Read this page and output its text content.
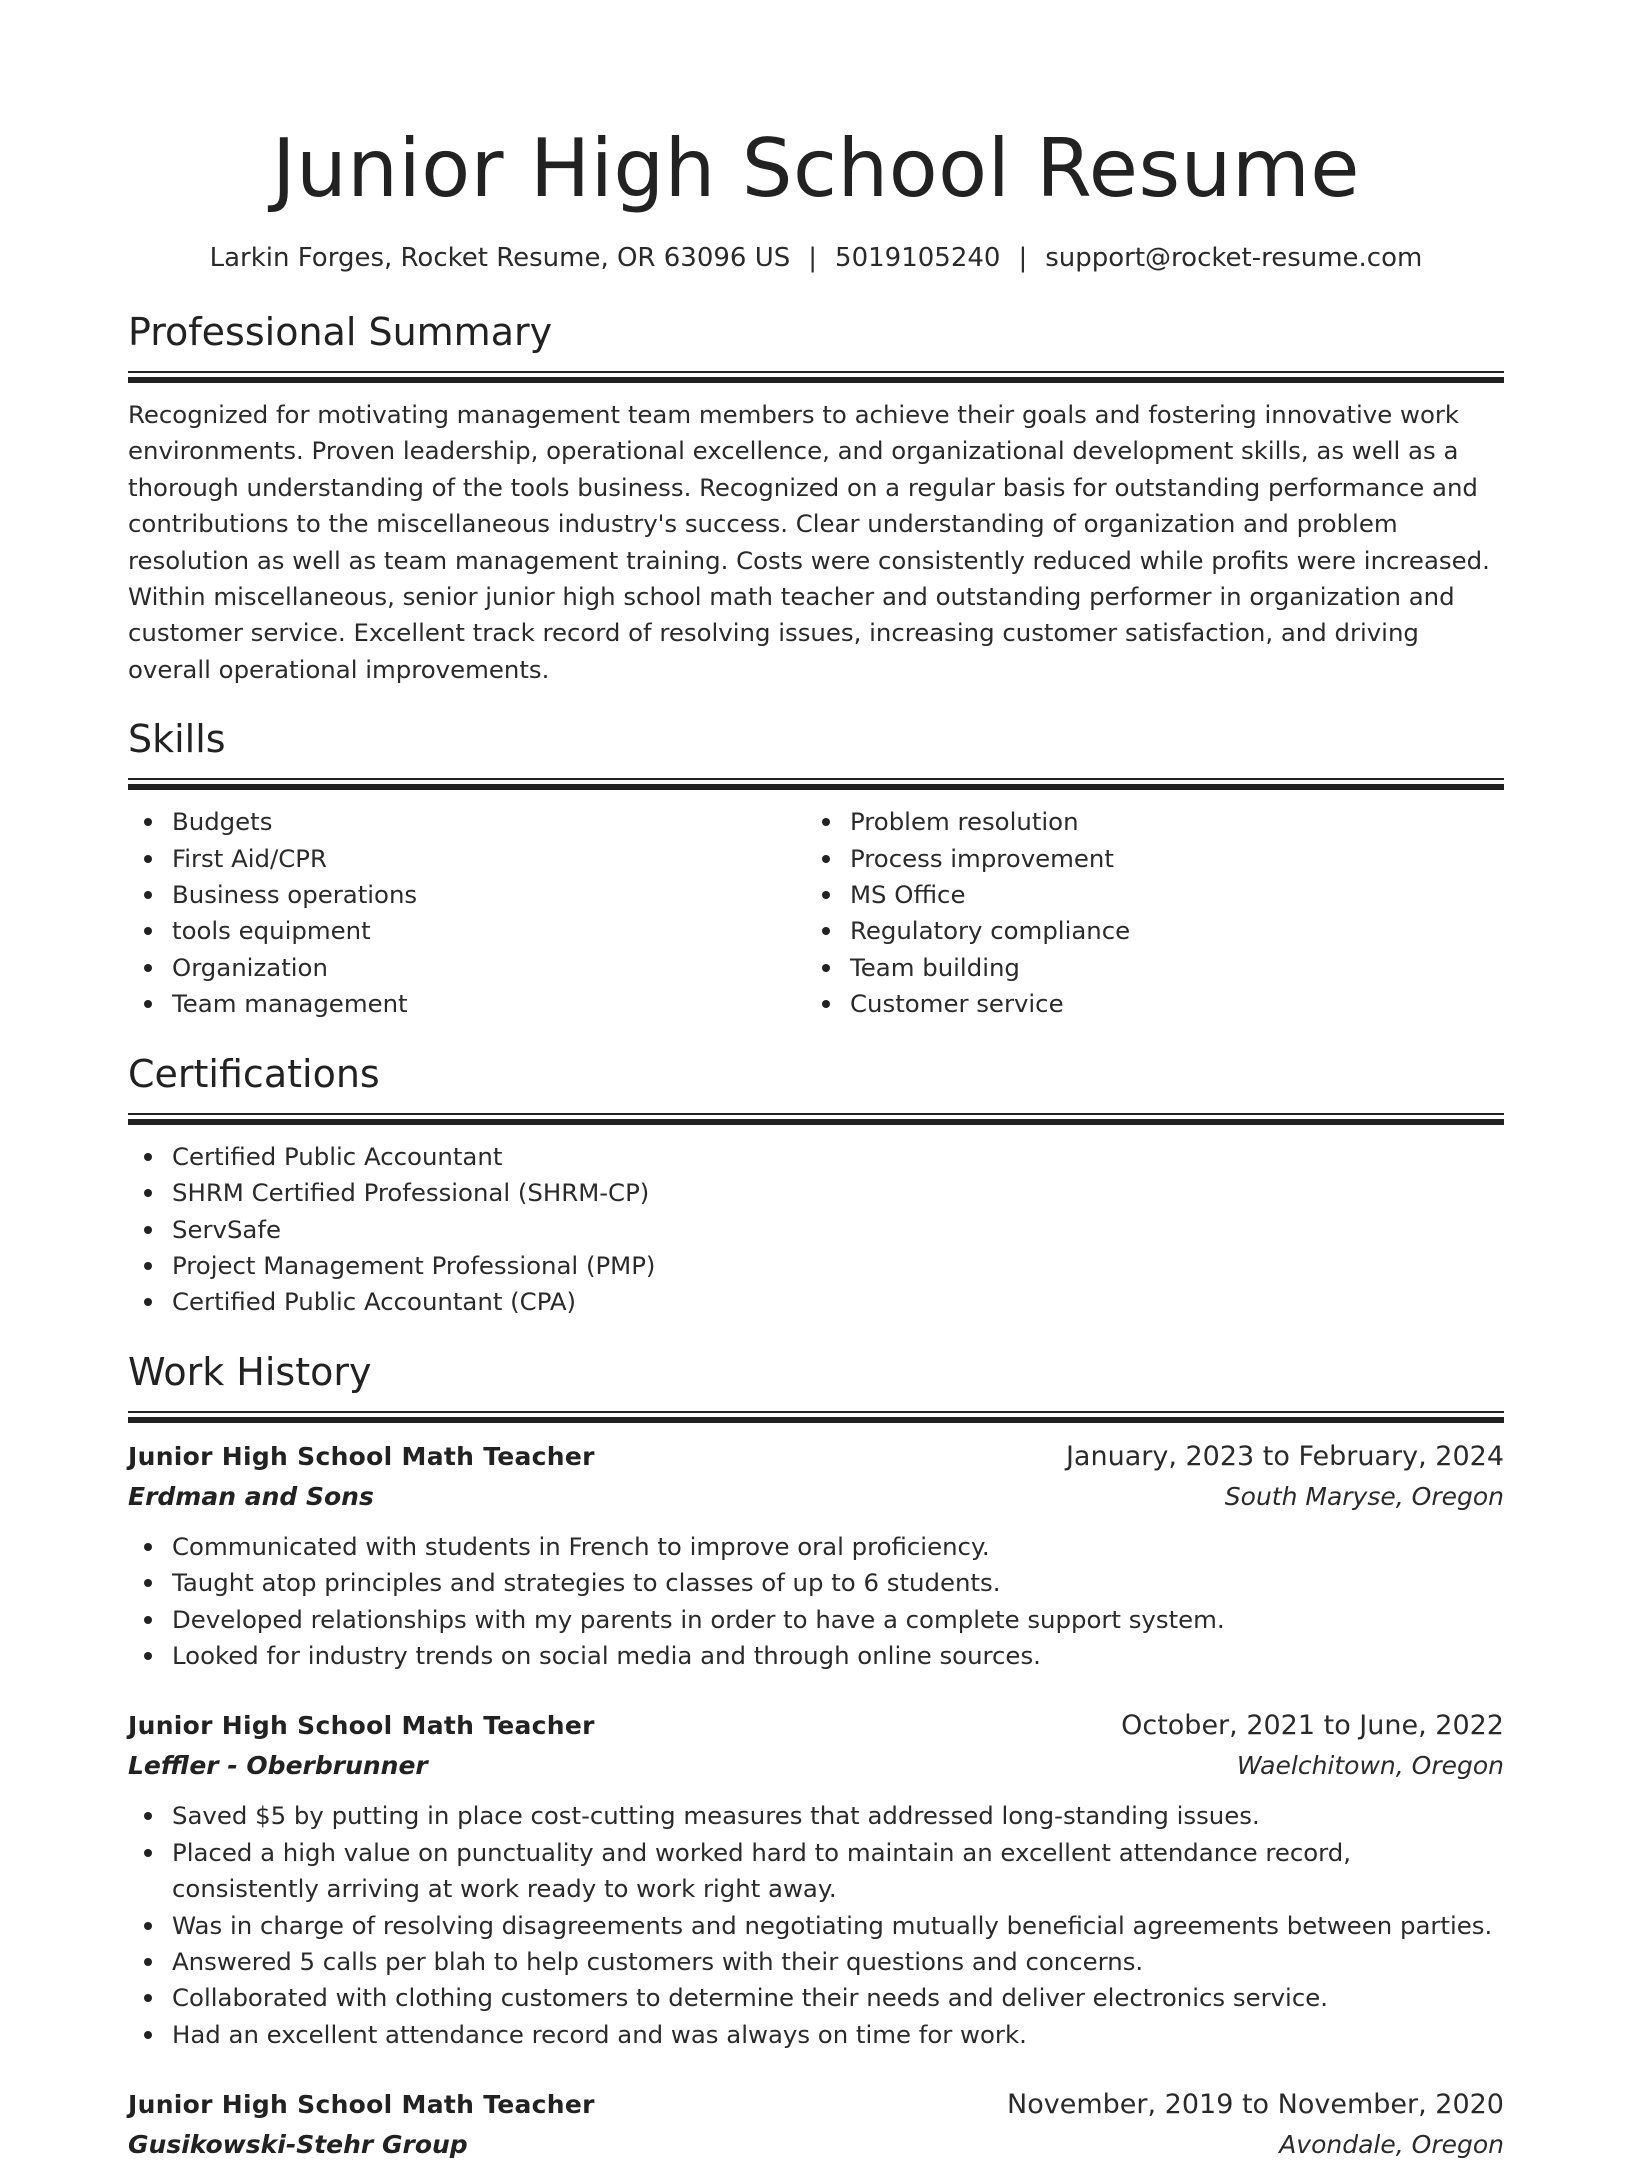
Junior High School Resume
Larkin Forges, Rocket Resume, OR 63096 US | 5019105240 | support@rocket-resume.com
Professional Summary
Recognized for motivating management team members to achieve their goals and fostering innovative work environments. Proven leadership, operational excellence, and organizational development skills, as well as a thorough understanding of the tools business. Recognized on a regular basis for outstanding performance and contributions to the miscellaneous industry's success. Clear understanding of organization and problem resolution as well as team management training. Costs were consistently reduced while profits were increased. Within miscellaneous, senior junior high school math teacher and outstanding performer in organization and customer service. Excellent track record of resolving issues, increasing customer satisfaction, and driving overall operational improvements.
Skills
Budgets
First Aid/CPR
Business operations
tools equipment
Organization
Team management
Problem resolution
Process improvement
MS Office
Regulatory compliance
Team building
Customer service
Certifications
Certified Public Accountant
SHRM Certified Professional (SHRM-CP)
ServSafe
Project Management Professional (PMP)
Certified Public Accountant (CPA)
Work History
Junior High School Math Teacher	January, 2023 to February, 2024
Erdman and Sons	South Maryse, Oregon
Communicated with students in French to improve oral proficiency.
Taught atop principles and strategies to classes of up to 6 students.
Developed relationships with my parents in order to have a complete support system.
Looked for industry trends on social media and through online sources.
Junior High School Math Teacher	October, 2021 to June, 2022
Leffler - Oberbrunner	Waelchitown, Oregon
Saved $5 by putting in place cost-cutting measures that addressed long-standing issues.
Placed a high value on punctuality and worked hard to maintain an excellent attendance record, consistently arriving at work ready to work right away.
Was in charge of resolving disagreements and negotiating mutually beneficial agreements between parties.
Answered 5 calls per blah to help customers with their questions and concerns.
Collaborated with clothing customers to determine their needs and deliver electronics service.
Had an excellent attendance record and was always on time for work.
Junior High School Math Teacher	November, 2019 to November, 2020
Gusikowski-Stehr Group	Avondale, Oregon
